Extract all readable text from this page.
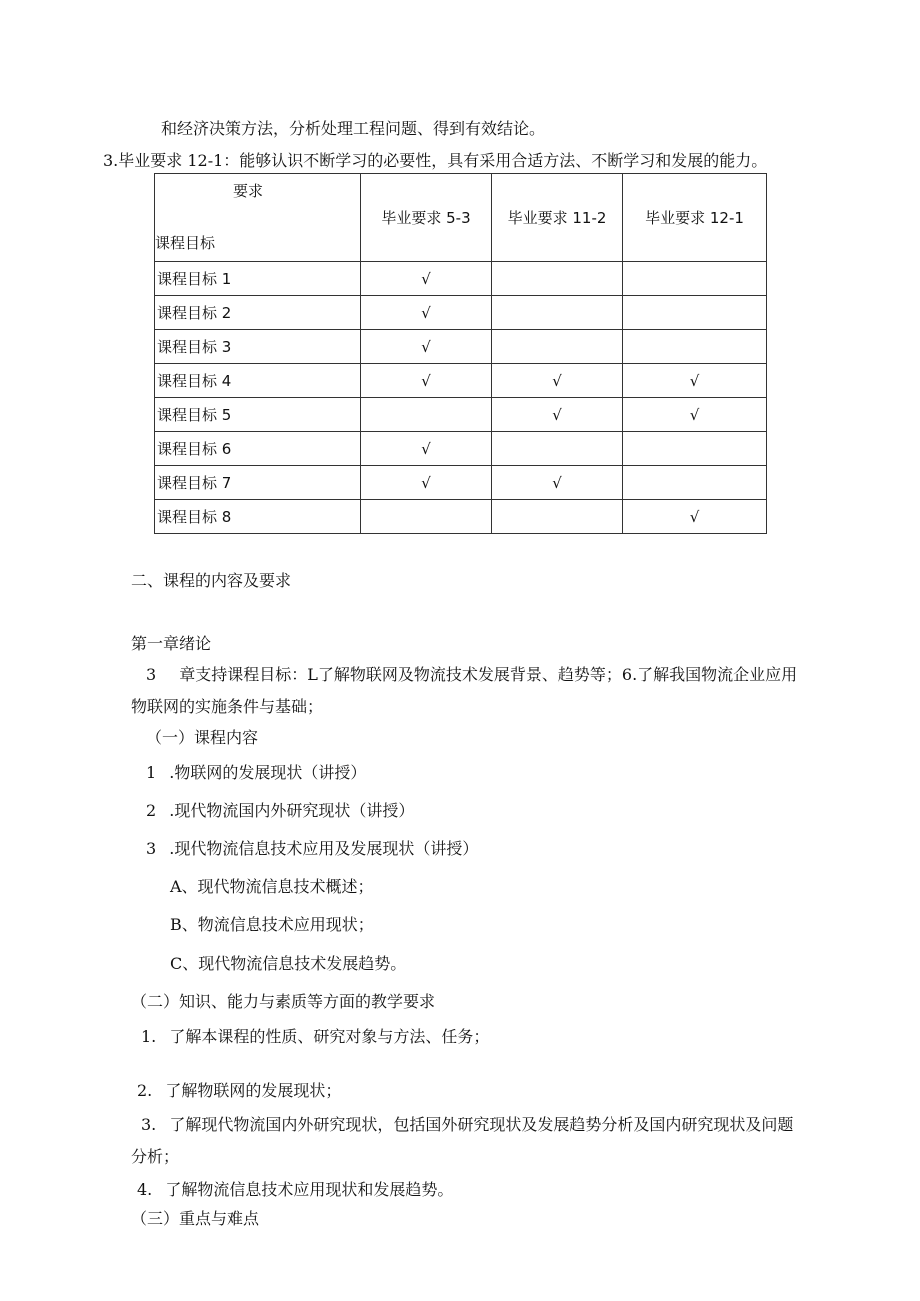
和经济决策方法，分析处理工程问题、得到有效结论。
3.毕业要求 12-1：能够认识不断学习的必要性，具有采用合适方法、不断学习和发展的能力。
要求
课程目标	毕业要求 5-3	毕业要求 11-2	毕业要求 12-1
课程目标 1	√		
课程目标 2	√		
课程目标 3	√		
课程目标 4	√	√	√
课程目标 5		√	√
课程目标 6	√		
课程目标 7	√	√	
课程目标 8			√
二、课程的内容及要求
第一章绪论
3 章支持课程目标：L了解物联网及物流技术发展背景、趋势等；6.了解我国物流企业应用
物联网的实施条件与基础；
（一）课程内容
1 .物联网的发展现状（讲授）
2 .现代物流国内外研究现状（讲授）
3 .现代物流信息技术应用及发展现状（讲授）
A、现代物流信息技术概述；
B、物流信息技术应用现状；
C、现代物流信息技术发展趋势。
（二）知识、能力与素质等方面的教学要求
1. 了解本课程的性质、研究对象与方法、任务；
2. 了解物联网的发展现状；
3. 了解现代物流国内外研究现状，包括国外研究现状及发展趋势分析及国内研究现状及问题
分析；
4. 了解物流信息技术应用现状和发展趋势。
（三）重点与难点
